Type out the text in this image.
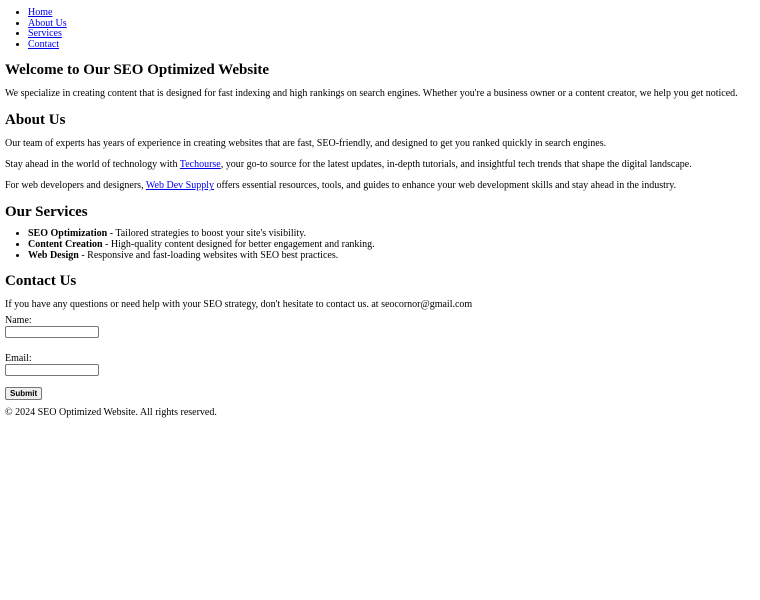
• Home
• About Us
• Services
• Contact
Welcome to Our SEO Optimized Website

We specialize in creating content that is designed for fast indexing and high rankings on search engines. Whether you're a business owner or a content creator, we help you get noticed.

About Us

Our team of experts has years of experience in creating websites that are fast, SEO-friendly, and designed to get you ranked quickly in search engines.

Stay ahead in the world of technology with Techourse, your go-to source for the latest updates, in-depth tutorials, and insightful tech trends that shape the digital landscape.

For web developers and designers, Web Dev Supply offers essential resources, tools, and guides to enhance your web development skills and stay ahead in the industry.

Our Services
• SEO Optimization - Tailored strategies to boost your site's visibility.
• Content Creation - High-quality content designed for better engagement and ranking.
• Web Design - Responsive and fast-loading websites with SEO best practices.
Contact Us

If you have any questions or need help with your SEO strategy, don't hesitate to contact us. at seocornor@gmail.com

Name:
Email:
Submit

© 2024 SEO Optimized Website. All rights reserved.
